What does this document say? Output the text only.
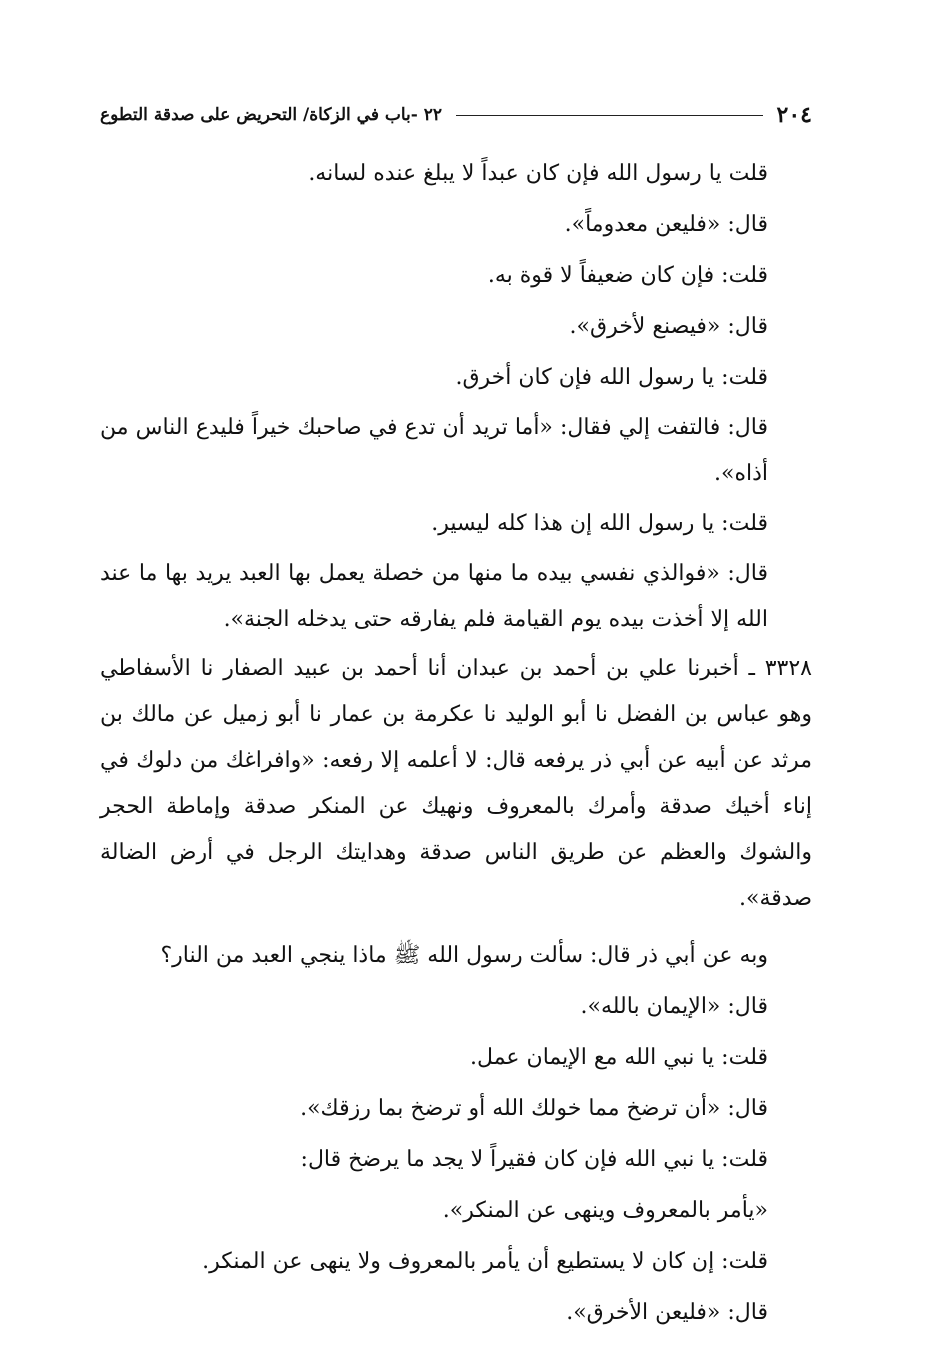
٢٠٤
٢٢ -باب في الزكاة/ التحريض على صدقة التطوع

قلت يا رسول الله فإن كان عبداً لا يبلغ عنده لسانه.

قال: «فليعن معدوماً».

قلت: فإن كان ضعيفاً لا قوة به.

قال: «فيصنع لأخرق».

قلت: يا رسول الله فإن كان أخرق.

قال: فالتفت إلي فقال: «أما تريد أن تدع في صاحبك خيراً فليدع الناس من أذاه».

قلت: يا رسول الله إن هذا كله ليسير.

قال: «فوالذي نفسي بيده ما منها من خصلة يعمل بها العبد يريد بها ما عند الله إلا أخذت بيده يوم القيامة فلم يفارقه حتى يدخله الجنة».

٣٣٢٨ ـ أخبرنا علي بن أحمد بن عبدان أنا أحمد بن عبيد الصفار نا الأسفاطي وهو عباس بن الفضل نا أبو الوليد نا عكرمة بن عمار نا أبو زميل عن مالك بن مرثد عن أبيه عن أبي ذر يرفعه قال: لا أعلمه إلا رفعه: «وافراغك من دلوك في إناء أخيك صدقة وأمرك بالمعروف ونهيك عن المنكر صدقة وإماطة الحجر والشوك والعظم عن طريق الناس صدقة وهدايتك الرجل في أرض الضالة صدقة».

وبه عن أبي ذر قال: سألت رسول الله ﷺ ماذا ينجي العبد من النار؟

قال: «الإيمان بالله».

قلت: يا نبي الله مع الإيمان عمل.

قال: «أن ترضخ مما خولك الله أو ترضخ بما رزقك».

قلت: يا نبي الله فإن كان فقيراً لا يجد ما يرضخ قال:

«يأمر بالمعروف وينهى عن المنكر».

قلت: إن كان لا يستطيع أن يأمر بالمعروف ولا ينهى عن المنكر.

قال: «فليعن الأخرق».
